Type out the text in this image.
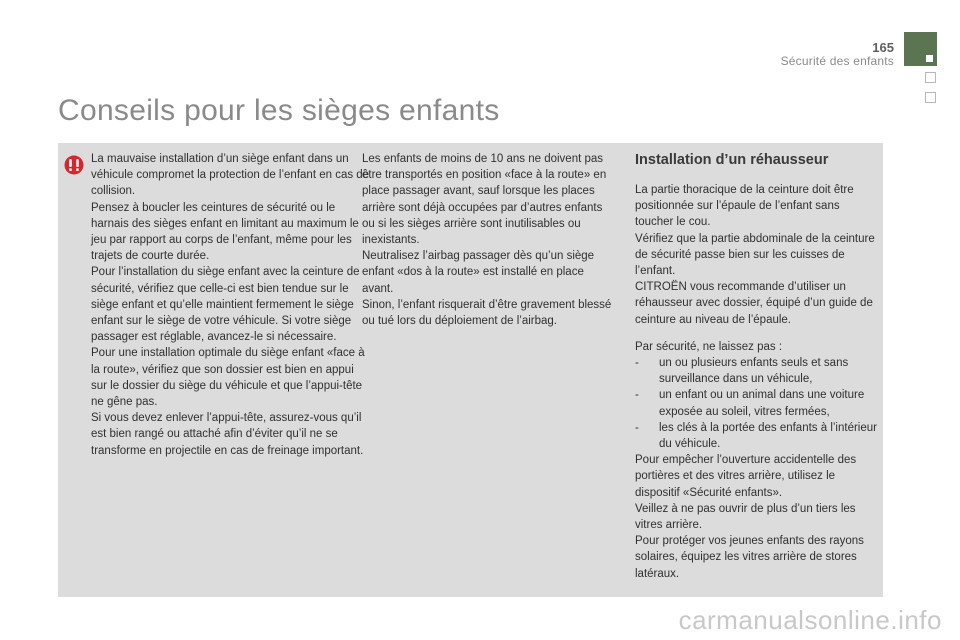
165
Sécurité des enfants
Conseils pour les sièges enfants

La mauvaise installation d’un siège enfant dans un véhicule compromet la protection de l’enfant en cas de collision.

Pensez à boucler les ceintures de sécurité ou le harnais des sièges enfant en limitant au maximum le jeu par rapport au corps de l’enfant, même pour les trajets de courte durée.

Pour l’installation du siège enfant avec la ceinture de sécurité, vérifiez que celle-ci est bien tendue sur le siège enfant et qu’elle maintient fermement le siège enfant sur le siège de votre véhicule. Si votre siège passager est réglable, avancez-le si nécessaire.

Pour une installation optimale du siège enfant «face à la route», vérifiez que son dossier est bien en appui sur le dossier du siège du véhicule et que l’appui-tête ne gêne pas.

Si vous devez enlever l’appui-tête, assurez-vous qu’il est bien rangé ou attaché afin d’éviter qu’il ne se transforme en projectile en cas de freinage important.

Les enfants de moins de 10 ans ne doivent pas être transportés en position «face à la route» en place passager avant, sauf lorsque les places arrière sont déjà occupées par d’autres enfants ou si les sièges arrière sont inutilisables ou inexistants.

Neutralisez l’airbag passager dès qu’un siège enfant «dos à la route» est installé en place avant.

Sinon, l’enfant risquerait d’être gravement blessé ou tué lors du déploiement de l’airbag.

Installation d’un réhausseur

La partie thoracique de la ceinture doit être positionnée sur l’épaule de l’enfant sans toucher le cou.

Vérifiez que la partie abdominale de la ceinture de sécurité passe bien sur les cuisses de l’enfant.

CITROËN vous recommande d’utiliser un réhausseur avec dossier, équipé d’un guide de ceinture au niveau de l’épaule.

Par sécurité, ne laissez pas :

- un ou plusieurs enfants seuls et sans surveillance dans un véhicule,
- un enfant ou un animal dans une voiture exposée au soleil, vitres fermées,
- les clés à la portée des enfants à l’intérieur du véhicule.

Pour empêcher l’ouverture accidentelle des portières et des vitres arrière, utilisez le dispositif «Sécurité enfants».

Veillez à ne pas ouvrir de plus d’un tiers les vitres arrière.

Pour protéger vos jeunes enfants des rayons solaires, équipez les vitres arrière de stores latéraux.

carmanualsonline.info
